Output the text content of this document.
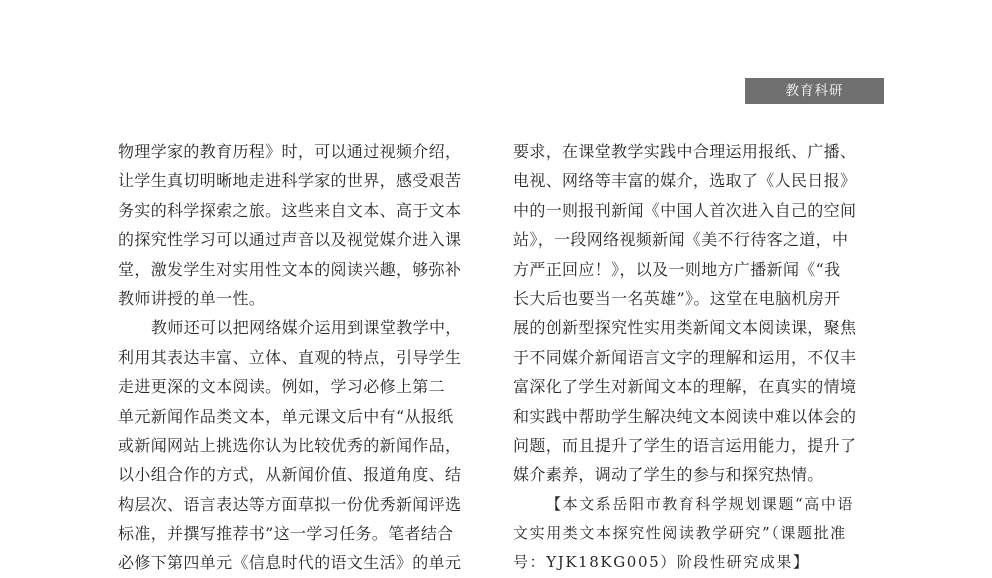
教育科研
物理学家的教育历程》时，可以通过视频介绍，
让学生真切明晰地走进科学家的世界，感受艰苦
务实的科学探索之旅。这些来自文本、高于文本
的探究性学习可以通过声音以及视觉媒介进入课
堂，激发学生对实用性文本的阅读兴趣，够弥补
教师讲授的单一性。
教师还可以把网络媒介运用到课堂教学中，
利用其表达丰富、立体、直观的特点，引导学生
走进更深的文本阅读。例如，学习必修上第二
单元新闻作品类文本，单元课文后中有“从报纸
或新闻网站上挑选你认为比较优秀的新闻作品，
以小组合作的方式，从新闻价值、报道角度、结
构层次、语言表达等方面草拟一份优秀新闻评选
标准，并撰写推荐书”这一学习任务。笔者结合
必修下第四单元《信息时代的语文生活》的单元
要求，在课堂教学实践中合理运用报纸、广播、
电视、网络等丰富的媒介，选取了《人民日报》
中的一则报刊新闻《中国人首次进入自己的空间
站》，一段网络视频新闻《美不行待客之道，中
方严正回应！》，以及一则地方广播新闻《“我
长大后也要当一名英雄”》。这堂在电脑机房开
展的创新型探究性实用类新闻文本阅读课，聚焦
于不同媒介新闻语言文字的理解和运用，不仅丰
富深化了学生对新闻文本的理解，在真实的情境
和实践中帮助学生解决纯文本阅读中难以体会的
问题，而且提升了学生的语言运用能力，提升了
媒介素养，调动了学生的参与和探究热情。
【本文系岳阳市教育科学规划课题“高中语
文实用类文本探究性阅读教学研究”（课题批准
号：YJK18KG005）阶段性研究成果】
